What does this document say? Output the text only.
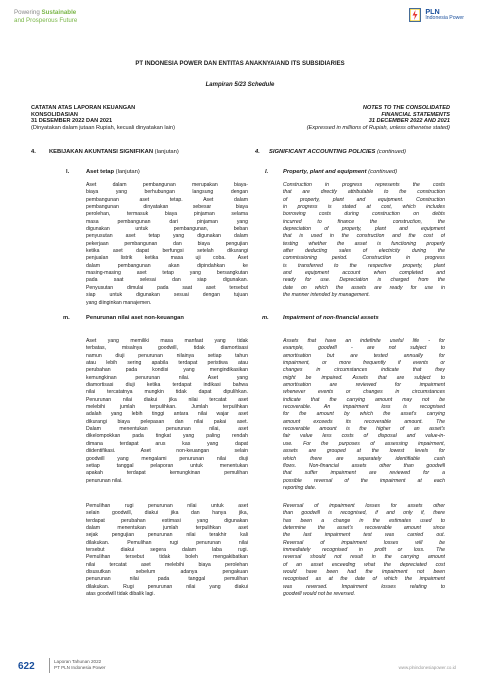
Powering Sustainable
and Prosperous Future
PLN
Indonesia Power
PT INDONESIA POWER DAN ENTITAS ANAKNYA/AND ITS SUBSIDIARIES
Lampiran 5/23 Schedule
CATATAN ATAS LAPORAN KEUANGAN
KONSOLIDASIAN
31 DESEMBER 2022 DAN 2021
(Dinyatakan dalam jutaan Rupiah, kecuali dinyatakan lain)
NOTES TO THE CONSOLIDATED
FINANCIAL STATEMENTS
31 DECEMBER 2022 AND 2021
(Expressed in millions of Rupiah, unless otherwise stated)
4. KEBIJAKAN AKUNTANSI SIGNIFIKAN (lanjutan)	4. SIGNIFICANT ACCOUNTING POLICIES (continued)
l.	Aset tetap (lanjutan)	l.	Property, plant and equipment (continued)
Aset dalam pembangunan merupakan biaya-
biaya yang berhubungan langsung dengan
pembangunan aset tetap. Aset dalam
pembangunan dinyatakan sebesar biaya
perolehan, termasuk biaya pinjaman selama
masa pembangunan dari pinjaman yang
digunakan untuk pembangunan, beban
penyusutan aset tetap yang digunakan dalam
pekerjaan pembangunan dan biaya pengujian
ketika aset dapat berfungsi setelah dikurangi
penjualan listrik ketika masa uji coba. Aset
dalam pembangunan akan dipindahkan ke
masing-masing aset tetap yang bersangkutan
pada saat selesai dan siap digunakan.
Penyusutan dimulai pada saat aset tersebut
siap untuk digunakan sesuai dengan tujuan
yang diinginkan manajemen.
Construction in progress represents the costs
that are directly attributable to the construction
of property, plant and equipment. Construction
in progress is stated at cost, which includes
borrowing costs during construction on debts
incurred to finance the construction, the
depreciation of property, plant and equipment
that is used in the construction and the cost of
testing whether the asset is functioning properly
after deducting sales of electricity during the
commissioning period. Construction in progress
is transferred to the respective property, plant
and equipment account when completed and
ready for use. Depreciation is charged from the
date on which the assets are ready for use in
the manner intended by management.
m.	Penurunan nilai aset non-keuangan	m. Impairment of non-financial assets
Aset yang memiliki masa manfaat yang tidak
terbatas, misalnya goodwill, tidak diamortisasi
namun diuji penurunan nilainya setiap tahun
atau lebih sering apabila terdapat peristiwa atau
perubahan pada kondisi yang mengindikasikan
kemungkinan penurunan nilai. Aset yang
diamortisasi diuji ketika terdapat indikasi bahwa
nilai tercatatnya mungkin tidak dapat dipulihkan.
Penurunan nilai diakui jika nilai tercatat aset
melebihi jumlah terpulihkan. Jumlah terpulihkan
adalah yang lebih tinggi antara nilai wajar aset
dikurangi biaya pelepasan dan nilai pakai aset.
Dalam menentukan penurunan nilai, aset
dikelompokkan pada tingkat yang paling rendah
dimana terdapat arus kas yang dapat
diidentifikasi. Aset non-keuangan selain
goodwill yang mengalami penurunan nilai diuji
setiap tanggal pelaporan untuk menentukan
apakah terdapat kemungkinan pemulihan
penurunan nilai.
Assets that have an indefinite useful life - for
example, goodwill - are not subject to
amortisation but are tested annually for
impairment, or more frequently if events or
changes in circumstances indicate that they
might be impaired. Assets that are subject to
amortisation are reviewed for impairment
whenever events or changes in circumstances
indicate that the carrying amount may not be
recoverable. An impairment loss is recognised
for the amount by which the asset's carrying
amount exceeds its recoverable amount. The
recoverable amount is the higher of an asset's
fair value less costs of disposal and value-in-
use. For the purposes of assessing impairment,
assets are grouped at the lowest levels for
which there are separately identifiable cash
flows. Non-financial assets other than goodwill
that suffer impairment are reviewed for a
possible reversal of the impairment at each
reporting date.
Pemulihan rugi penurunan nilai untuk aset
selain goodwill, diakui jika dan hanya jika,
terdapat perubahan estimasi yang digunakan
dalam menentukan jumlah terpulihkan aset
sejak pengujian penurunan nilai terakhir kali
dilakukan. Pemulihan rugi penurunan nilai
tersebut diakui segera dalam laba rugi.
Pemulihan tersebut tidak boleh mengakibatkan
nilai tercatat aset melebihi biaya perolehan
disusutkan sebelum adanya pengakuan
penurunan nilai pada tanggal pemulihan
dilakukan. Rugi penurunan nilai yang diakui
atas goodwill tidak dibalik lagi.
Reversal of impairment losses for assets other
than goodwill is recognised, if and only if, there
has been a change in the estimates used to
determine the asset's recoverable amount since
the last impairment test was carried out.
Reversal of impairment losses will be
immediately recognised in profit or loss. The
reversal should not result in the carrying amount
of an asset exceeding what the depreciated cost
would have been had the impairment not been
recognised as at the date of which the impairment
was reversed. Impairment losses relating to
goodwill would not be reversed.
622	Laporan Tahunan 2022
PT PLN Indonesia Power	www.plnindonesiapower.co.id
